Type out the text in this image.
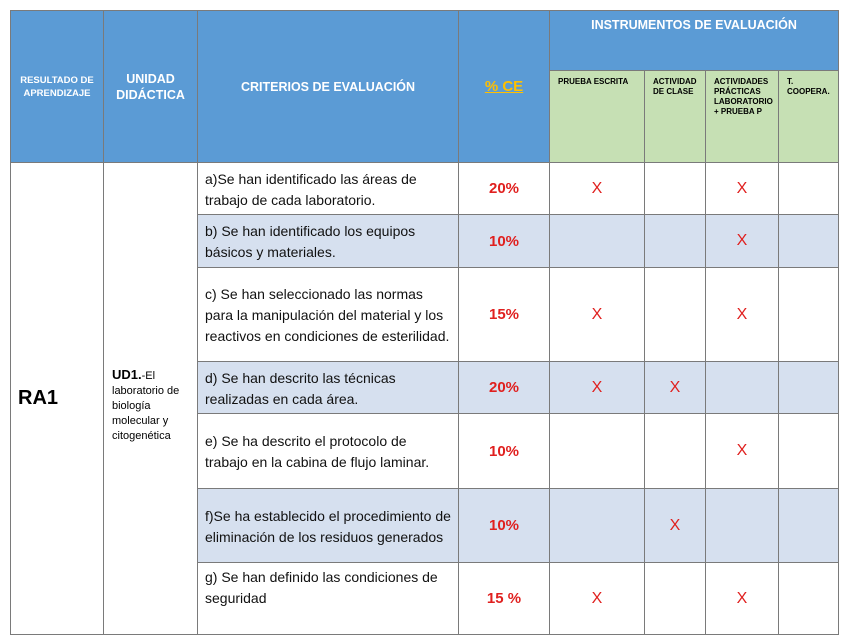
RESULTADO DE APRENDIZAJE	UNIDAD DIDÁCTICA	CRITERIOS DE EVALUACIÓN	% CE	INSTRUMENTOS DE EVALUACIÓN			
				PRUEBA ESCRITA	ACTIVIDAD DE CLASE	ACTIVIDADES PRÁCTICAS LABORATORIO + PRUEBA P	T. COOPERA.
RA1	UD1.-El laboratorio de biología molecular y citogenética	a)Se han identificado las áreas de trabajo de cada laboratorio.	20%	X		X	
		b) Se han identificado los equipos básicos y materiales.	10%			X	
		c) Se han seleccionado las normas para la manipulación del material y los reactivos en condiciones de esterilidad.	15%	X		X	
		d) Se han descrito las técnicas realizadas en cada área.	20%	X	X		
		e) Se ha descrito el protocolo de trabajo en la cabina de flujo laminar.	10%			X	
		f)Se ha establecido el procedimiento de eliminación de los residuos generados	10%		X		
		g) Se han definido las condiciones de seguridad	15 %	X		X	
